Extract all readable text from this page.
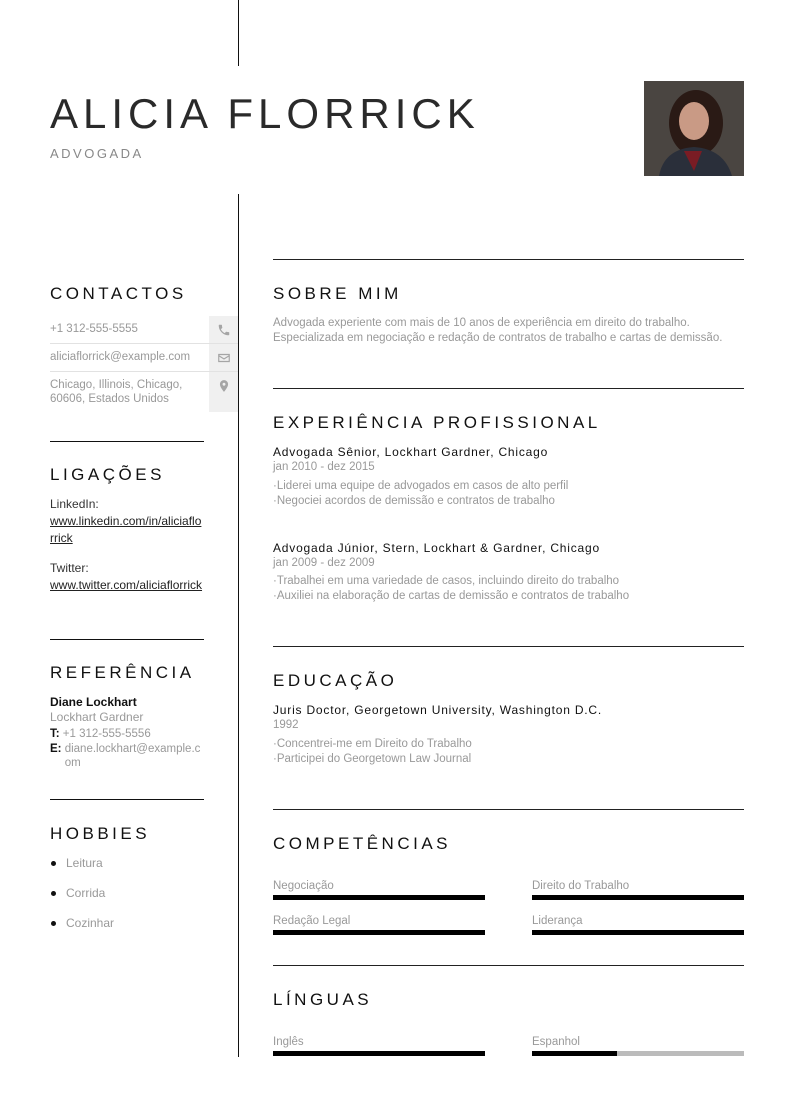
ALICIA FLORRICK
ADVOGADA
CONTACTOS
+1 312-555-5555
aliciaflorrick@example.com
Chicago, Illinois, Chicago, 60606, Estados Unidos
LIGAÇÕES
LinkedIn:
www.linkedin.com/in/aliciaflorrick
Twitter:
www.twitter.com/aliciaflorrick
REFERÊNCIA
Diane Lockhart
Lockhart Gardner
T: +1 312-555-5556
E: diane.lockhart@example.com
HOBBIES
Leitura
Corrida
Cozinhar
SOBRE MIM
Advogada experiente com mais de 10 anos de experiência em direito do trabalho. Especializada em negociação e redação de contratos de trabalho e cartas de demissão.
EXPERIÊNCIA PROFISSIONAL
Advogada Sênior, Lockhart Gardner, Chicago
jan 2010 - dez 2015
· Liderei uma equipe de advogados em casos de alto perfil
· Negociei acordos de demissão e contratos de trabalho
Advogada Júnior, Stern, Lockhart & Gardner, Chicago
jan 2009 - dez 2009
· Trabalhei em uma variedade de casos, incluindo direito do trabalho
· Auxiliei na elaboração de cartas de demissão e contratos de trabalho
EDUCAÇÃO
Juris Doctor, Georgetown University, Washington D.C.
1992
· Concentrei-me em Direito do Trabalho
· Participei do Georgetown Law Journal
COMPETÊNCIAS
Negociação	Direito do Trabalho
Redação Legal	Liderança
LÍNGUAS
Inglês	Espanhol
